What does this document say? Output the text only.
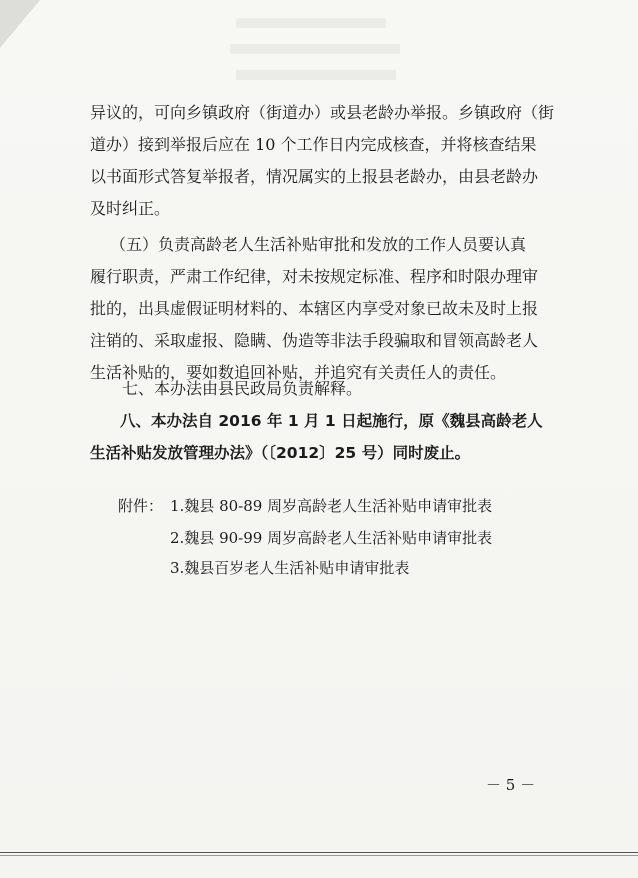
异议的，可向乡镇政府（街道办）或县老龄办举报。乡镇政府（街
道办）接到举报后应在 10 个工作日内完成核查，并将核查结果
以书面形式答复举报者，情况属实的上报县老龄办，由县老龄办
及时纠正。
（五）负责高龄老人生活补贴审批和发放的工作人员要认真
履行职责，严肃工作纪律，对未按规定标准、程序和时限办理审
批的，出具虚假证明材料的、本辖区内享受对象已故未及时上报
注销的、采取虚报、隐瞒、伪造等非法手段骗取和冒领高龄老人
生活补贴的，要如数追回补贴，并追究有关责任人的责任。
七、本办法由县民政局负责解释。
八、本办法自 2016 年 1 月 1 日起施行，原《魏县高龄老人
生活补贴发放管理办法》（〔2012〕25 号）同时废止。
附件： 1.魏县 80-89 周岁高龄老人生活补贴申请审批表
2.魏县 90-99 周岁高龄老人生活补贴申请审批表
3.魏县百岁老人生活补贴申请审批表
－ 5 －
